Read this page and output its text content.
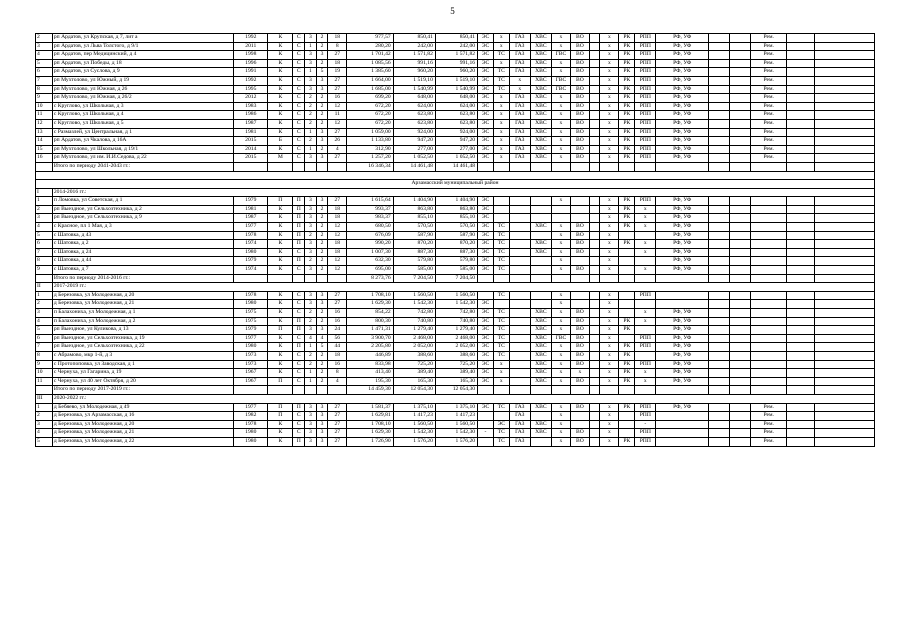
5
2	рп Ардатов, ул Крупская, д 7, лит а	1992	К	С	3	2	18	977,57	850,41	850,41	ЭС	х	ГАЗ	ХВС	х	ВО		х	РК	РПП	РФ, УФ			Рем.		
3	рп Ардатов, ул Льва Толстого, д 9/1	2011	К	С	1	2	8	280,20	242,00	242,00	ЭС	х	ГАЗ	ХВС	х	ВО		х	РК	РПП	РФ, УФ			Рем.		
4	рп Ардатов, пер Медицинский, д 4	1998	К	С	3	3	27	1 701,42	1 571,82	1 571,82	ЭС	ТС	ГАЗ	ХВС	ГВС	ВО		х	РК	РПП	РФ, УФ			Рем.		
5	рп Ардатов, ул Победы, д 18	1996	К	С	3	2	18	1 085,56	991,16	991,16	ЭС	х	ГАЗ	ХВС	х	ВО		х	РК	РПП	РФ, УФ			Рем.		
6	рп Ардатов, ул Суслова, д 9	1991	К	С	1	5	19	1 385,60	960,20	960,20	ЭС	ТС	ГАЗ	ХВС	х	ВО		х	РК	РПП	РФ, УФ			Рем.		
7	рп Мухтолово, ул Южный, д 19	1992	К	С	3	3	27	1 664,00	1 519,10	1 519,10	ЭС	ТС	х	ХВС	ГВС	ВО		х	РК	РПП	РФ, УФ			Рем.		
8	рп Мухтолово, ул Южная, д 26	1995	К	С	3	3	27	1 685,00	1 540,99	1 540,99	ЭС	ТС	х	ХВС	ГВС	ВО		х	РК	РПП	РФ, УФ			Рем.		
9	рп Мухтолово, ул Южная, д 26/2	2012	К	С	2	2	16	699,20	648,00	648,00	ЭС	х	ГАЗ	ХВС	х	ВО		х	РК	РПП	РФ, УФ			Рем.		
10	с Круглово, ул Школьная, д 3	1983	К	С	2	2	12	672,20	624,00	624,00	ЭС	х	ГАЗ	ХВС	х	ВО		х	РК	РПП	РФ, УФ			Рем.		
11	с Круглово, ул Школьная, д 4	1986	К	С	2	2	11	672,20	623,80	623,80	ЭС	х	ГАЗ	ХВС	х	ВО		х	РК	РПП	РФ, УФ			Рем.		
12	с Круглово, ул Школьная, д 5	1987	К	С	2	2	12	672,20	623,80	623,80	ЭС	х	ГАЗ	ХВС	х	ВО		х	РК	РПП	РФ, УФ			Рем.		
13	с Размазлей, ул Центральная, д 1	1981	К	С	1	3	27	1 059,00	924,00	924,00	ЭС	х	ГАЗ	ХВС	х	ВО		х	РК	РПП	РФ, УФ			Рем.		
14	рп Ардатов, ул Чкалова, д 16А	2015	Б	С	2	3	26	1 133,80	947,20	947,20	ЭС	х	ГАЗ	ХВС	х	ВО		х	РК	РПП	РФ, УФ			Рем.		
15	рп Мухтолово, ул Школьная, д 19/1	2014	К	С	1	2	4	312,90	277,00	277,00	ЭС	х	ГАЗ	ХВС	х	ВО		х	РК	РПП	РФ, УФ			Рем.		
16	рп Мухтолово, ул им. И.И.Седова, д 22	2015	М	С	3	3	27	1 257,20	1 052,50	1 052,50	ЭС	х	ГАЗ	ХВС	х	ВО		х	РК	РПП	РФ, УФ			Рем.		
	Итого по периоду 2041-2043 гг.:							16 346,34	14 461,48	14 461,48																

Арзамасский муниципальный район																										
I	2014-2016 гг.:																									
1	п Ломовка, ул Советская, д 1	1979	П	П	3	3	27	1 615,64	1 404,90	1 404,90	ЭС				х			х	РК	РПП	РФ, УФ					
2	рп Выездное, ул Сельхозтехника, д 2	1981	К	П	3	2	18	993,37	863,80	863,80	ЭС							х	РК	х	РФ, УФ					
3	рп Выездное, ул Сельхозтехника, д 9	1987	К	П	3	2	18	983,37	855,10	855,10	ЭС							х	РК	х	РФ, УФ					
4	с Красное, пл 1 Мая, д 3	1977	К	П	3	2	12	680,50	570,50	570,50	ЭС	ТС		ХВС	х	ВО		х	РК	х	РФ, УФ					
5	с Шатовка, д 43	1978	К	П	2	2	12	676,09	587,90	587,90	ЭС	ТС			х	ВО		х			РФ, УФ					
6	с Шатовка, д 2	1974	К	П	3	2	18	990,20	870,20	870,20	ЭС	ТС		ХВС	х	ВО		х	РК	х	РФ, УФ					
7	с Шатовка, д 24	1980	К	С	3	2	18	1 007,30	887,30	887,30	ЭС	ТС		ХВС	х	ВО		х		х	РФ, УФ					
8	с Шатовка, д 44	1979	К	П	2	2	12	632,30	579,80	579,80	ЭС	ТС			х			х			РФ, УФ					
9	с Шатовка, д 7	1974	К	С	3	2	12	695,00	585,00	585,00	ЭС	ТС			х	ВО		х		х	РФ, УФ					
	Итого по периоду 2014-2016 гг.:							8 273,76	7 204,50	7 204,50																
II	2017-2019 гг.:																									
1	д Березовка, ул Молодежная, д 20	1978	К	С	3	3	27	1 708,10	1 560,50	1 560,50		ТС			х			х		РПП						
2	д Березовка, ул Молодежная, д 21	1980	К	С	3	3	27	1 629,30	1 542,30	1 542,30	ЭС				х			х								
3	п Балахониха, ул Молодежная, д 1	1975	К	С	2	2	16	854,22	742,80	742,80	ЭС	ТС		ХВС	х	ВО		х		х	РФ, УФ					
4	п Балахониха, ул Молодежная, д 2	1975	К	П	2	2	16	800,30	740,80	740,80	ЭС	ТС		ХВС	х	ВО		х	РК	х	РФ, УФ					
5	рп Выездное, ул Куликова, д 13	1979	П	П	3	3	24	1 471,31	1 279,40	1 279,40	ЭС	ТС		ХВС	х	ВО		х	РК		РФ, УФ					
6	рп Выездное, ул Сельхозтехника, д 19	1977	К	С	4	4	56	3 900,70	2 468,00	2 468,00	ЭС	ТС		ХВС	ГВС	ВО		х		РПП	РФ, УФ					
7	рп Выездное, ул Сельхозтехника, д 22	1980	К	П	1	5	44	2 205,80	2 052,00	2 052,00	ЭС	ТС		ХВС	х	ВО		х	РК	РПП	РФ, УФ					
8	с Абрамово, мкр 1-й, д 3	1973	К	С	2	2	18	446,89	388,60	388,60	ЭС	ТС		ХВС	х	ВО		х	РК		РФ, УФ					
9	с Протопоповка, ул Заводская, д 1	1973	К	С	2	2	16	833,98	725,20	725,20	ЭС	х		ХВС	х	ВО		х	РК	РПП	РФ, УФ					
10	с Чернуха, ул Гагарина, д 19	1967	К	С	1	2	8	413,40	389,40	389,40	ЭС	х		ХВС	х	х		х	РК	х	РФ, УФ					
11	с Чернуха, ул 40 лет Октября, д 20	1967	П	С	1	2	4	195,30	165,30	165,30	ЭС	х		ХВС	х	ВО		х	РК	х	РФ, УФ					
	Итого по периоду 2017-2019 гг.:							14 459,30	12 054,30	12 054,30																
III	2020-2022 гг.:																									
1	д Бебяево, ул Молодежная, д 49	1977	П	П	3	3	27	1 581,37	1 375,10	1 375,10	ЭС	ТС	ГАЗ	ХВС	х	ВО		х	РК	РПП	РФ, УФ			Рем.		
2	д Березовка, ул Арзамасская, д 16	1982	П	С	3	3	27	1 629,81	1 417,23	1 417,23			ГАЗ		х			х		РПП				Рем.		
3	д Березовка, ул Молодежная, д 20	1978	К	С	3	3	27	1 708,10	1 560,50	1 560,50		ЭС	ГАЗ	ХВС	х			х		-				Рем.		
4	д Березовка, ул Молодежная, д 21	1980	К	С	3	3	27	1 629,30	1 542,30	1 542,30	-	ТС	ГАЗ	ХВС	х	ВО		х		РПП				Рем.		
5	д Березовка, ул Молодежная, д 22	1980	К	П	3	3	27	1 726,90	1 576,20	1 576,20		ТС	ГАЗ		х	ВО		х	РК	РПП				Рем.		
